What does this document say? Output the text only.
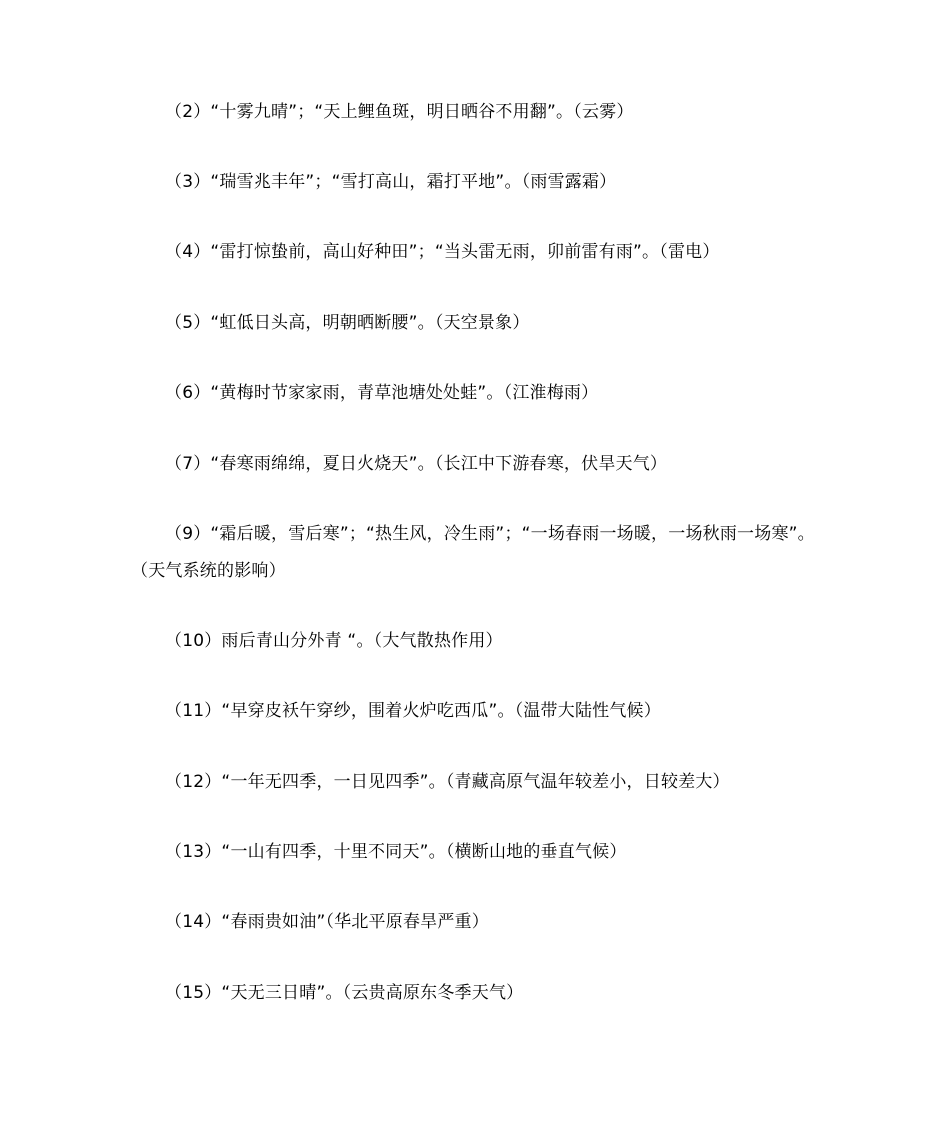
（2）“十雾九晴”；“天上鲤鱼斑，明日晒谷不用翻”。（云雾）
（3）“瑞雪兆丰年”；“雪打高山，霜打平地”。（雨雪露霜）
（4）“雷打惊蛰前，高山好种田”；“当头雷无雨，卯前雷有雨”。（雷电）
（5）“虹低日头高，明朝晒断腰”。（天空景象）
（6）“黄梅时节家家雨，青草池塘处处蛙”。（江淮梅雨）
（7）“春寒雨绵绵，夏日火烧天”。（长江中下游春寒，伏旱天气）
（9）“霜后暖，雪后寒”；“热生风，冷生雨”；“一场春雨一场暖，一场秋雨一场寒”。
（天气系统的影响）
（10）雨后青山分外青 “。（大气散热作用）
（11）“早穿皮袄午穿纱，围着火炉吃西瓜”。（温带大陆性气候）
（12）“一年无四季，一日见四季”。（青藏高原气温年较差小，日较差大）
（13）“一山有四季，十里不同天”。（横断山地的垂直气候）
（14）“春雨贵如油”（华北平原春旱严重）
（15）“天无三日晴”。（云贵高原东冬季天气）
